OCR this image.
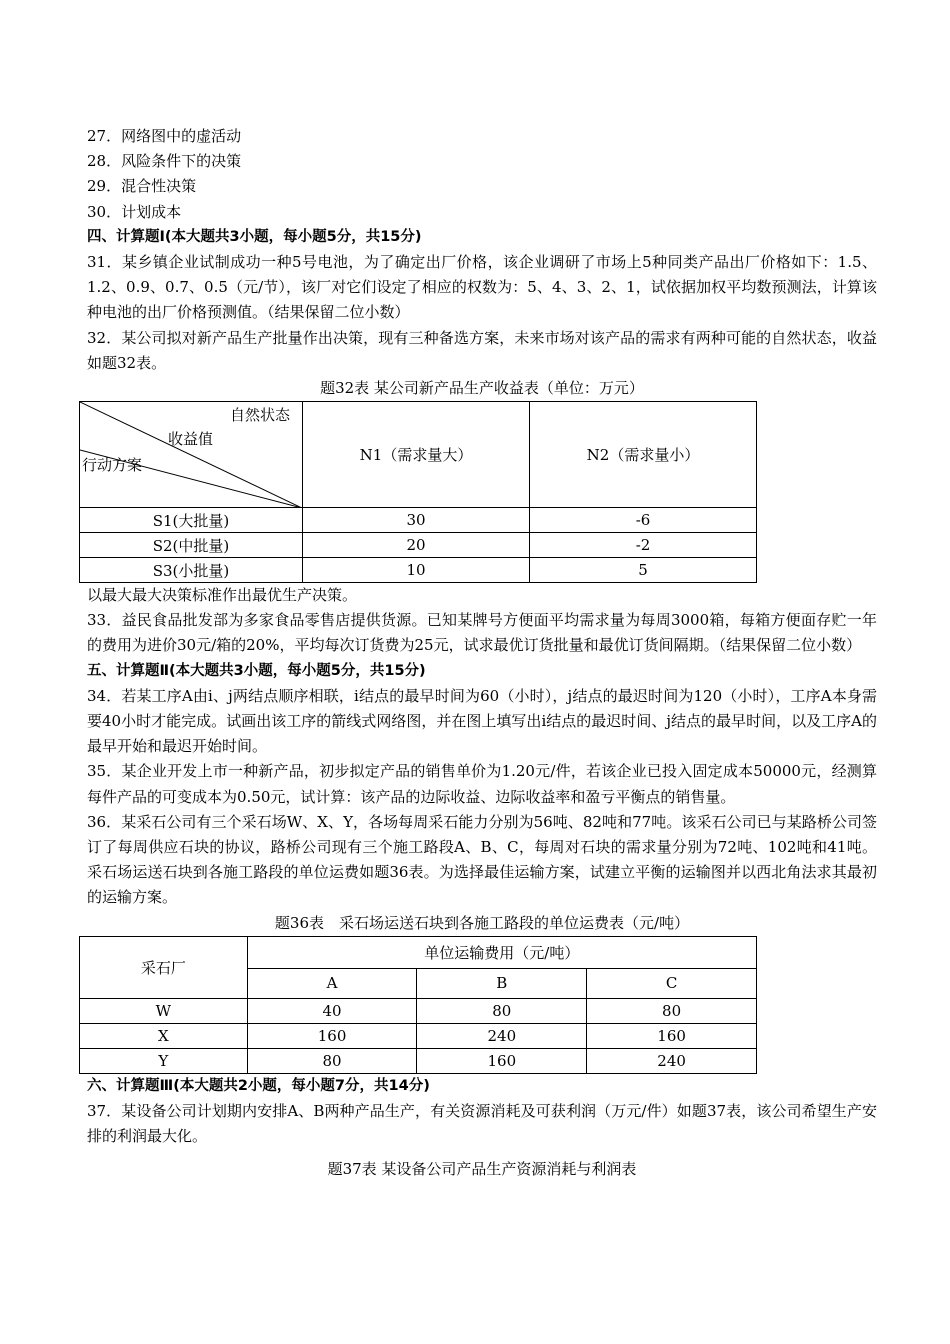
27．网络图中的虚活动
28．风险条件下的决策
29．混合性决策
30．计划成本
四、计算题Ⅰ(本大题共3小题，每小题5分，共15分)
31．某乡镇企业试制成功一种5号电池，为了确定出厂价格，该企业调研了市场上5种同类产品出厂价格如下：1.5、1.2、0.9、0.7、0.5（元/节），该厂对它们设定了相应的权数为：5、4、3、2、1，试依据加权平均数预测法，计算该种电池的出厂价格预测值。（结果保留二位小数）
32．某公司拟对新产品生产批量作出决策，现有三种备选方案，未来市场对该产品的需求有两种可能的自然状态，收益如题32表。
题32表 某公司新产品生产收益表（单位：万元）
自然状态
收益值
行动方案	N1（需求量大）	N2（需求量小）
S1(大批量)	30	-6
S2(中批量)	20	-2
S3(小批量)	10	5
以最大最大决策标准作出最优生产决策。
33．益民食品批发部为多家食品零售店提供货源。已知某牌号方便面平均需求量为每周3000箱，每箱方便面存贮一年的费用为进价30元/箱的20%，平均每次订货费为25元，试求最优订货批量和最优订货间隔期。（结果保留二位小数）
五、计算题Ⅱ(本大题共3小题，每小题5分，共15分)
34．若某工序A由i、j两结点顺序相联，i结点的最早时间为60（小时），j结点的最迟时间为120（小时），工序A本身需要40小时才能完成。试画出该工序的箭线式网络图，并在图上填写出i结点的最迟时间、j结点的最早时间，以及工序A的最早开始和最迟开始时间。
35．某企业开发上市一种新产品，初步拟定产品的销售单价为1.20元/件，若该企业已投入固定成本50000元，经测算每件产品的可变成本为0.50元，试计算：该产品的边际收益、边际收益率和盈亏平衡点的销售量。
36．某采石公司有三个采石场W、X、Y，各场每周采石能力分别为56吨、82吨和77吨。该采石公司已与某路桥公司签订了每周供应石块的协议，路桥公司现有三个施工路段A、B、C，每周对石块的需求量分别为72吨、102吨和41吨。采石场运送石块到各施工路段的单位运费如题36表。为选择最佳运输方案，试建立平衡的运输图并以西北角法求其最初的运输方案。
题36表　采石场运送石块到各施工路段的单位运费表（元/吨）
采石厂	单位运输费用（元/吨）		
	A	B	C
W	40	80	80
X	160	240	160
Y	80	160	240
六、计算题Ⅲ(本大题共2小题，每小题7分，共14分)
37．某设备公司计划期内安排A、B两种产品生产，有关资源消耗及可获利润（万元/件）如题37表，该公司希望生产安排的利润最大化。
题37表 某设备公司产品生产资源消耗与利润表
